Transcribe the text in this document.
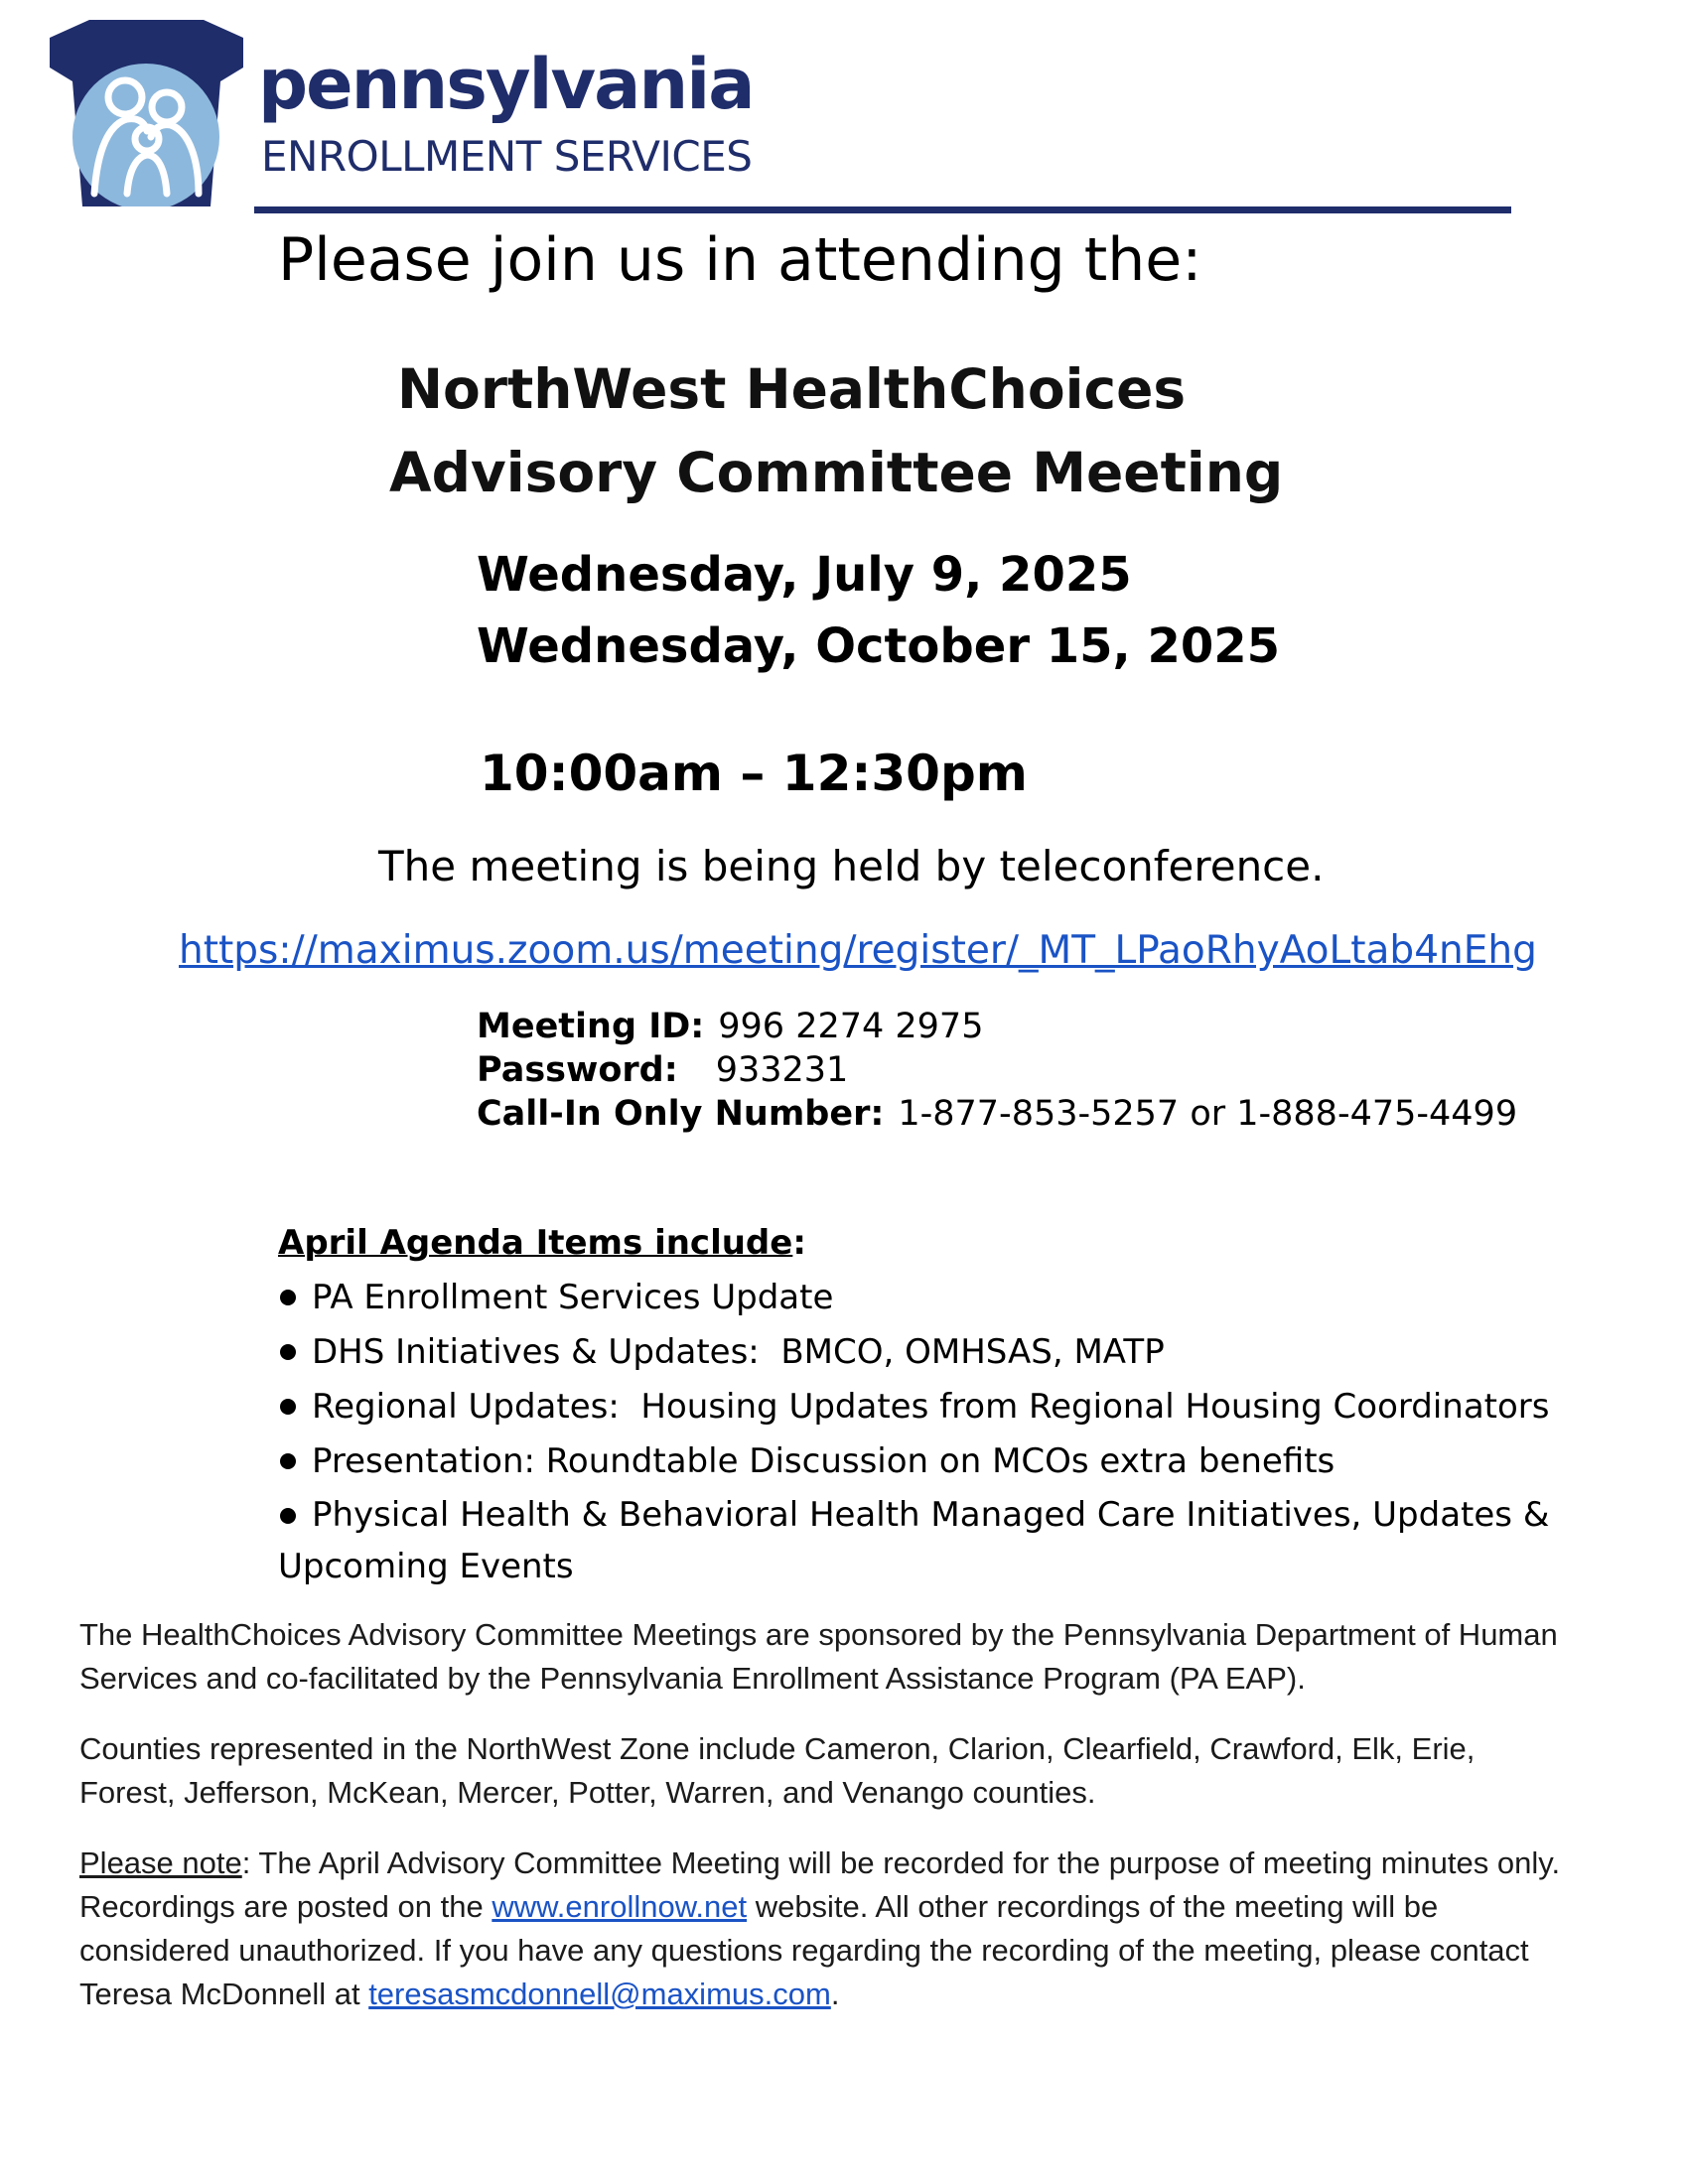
pennsylvania
ENROLLMENT SERVICES
Please join us in attending the:
NorthWest HealthChoices
Advisory Committee Meeting
Wednesday, July 9, 2025
Wednesday, October 15, 2025
10:00am – 12:30pm
The meeting is being held by teleconference.
https://maximus.zoom.us/meeting/register/_MT_LPaoRhyAoLtab4nEhg
Meeting ID: 996 2274 2975
Password: 933231
Call-In Only Number: 1-877-853-5257 or 1-888-475-4499
April Agenda Items include:
PA Enrollment Services Update
DHS Initiatives & Updates: BMCO, OMHSAS, MATP
Regional Updates: Housing Updates from Regional Housing Coordinators
Presentation: Roundtable Discussion on MCOs extra benefits
Physical Health & Behavioral Health Managed Care Initiatives, Updates &
Upcoming Events
The HealthChoices Advisory Committee Meetings are sponsored by the Pennsylvania Department of Human Services and co-facilitated by the Pennsylvania Enrollment Assistance Program (PA EAP).
Counties represented in the NorthWest Zone include Cameron, Clarion, Clearfield, Crawford, Elk, Erie, Forest, Jefferson, McKean, Mercer, Potter, Warren, and Venango counties.
Please note: The April Advisory Committee Meeting will be recorded for the purpose of meeting minutes only. Recordings are posted on the www.enrollnow.net website. All other recordings of the meeting will be considered unauthorized. If you have any questions regarding the recording of the meeting, please contact Teresa McDonnell at teresasmcdonnell@maximus.com.
